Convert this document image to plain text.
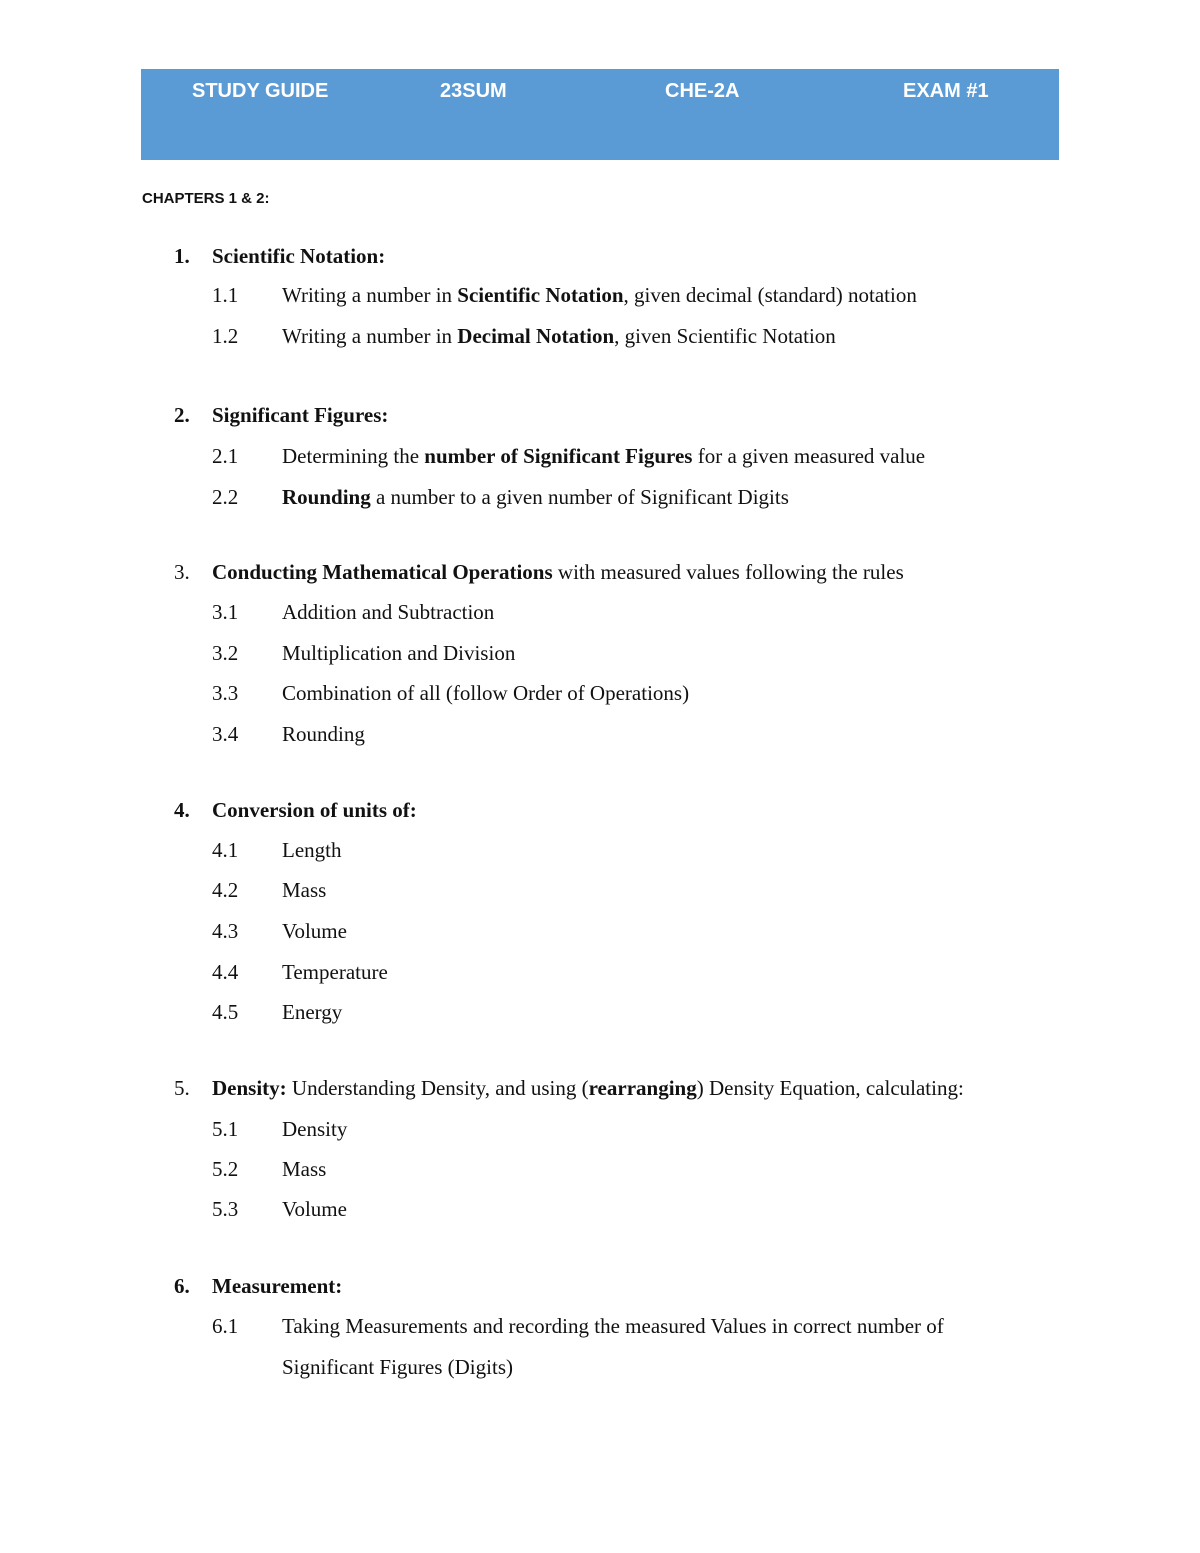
STUDY GUIDE	23SUM	CHE-2A	EXAM #1
CHAPTERS 1 & 2:
1. Scientific Notation:
1.1 Writing a number in Scientific Notation, given decimal (standard) notation
1.2 Writing a number in Decimal Notation, given Scientific Notation
2. Significant Figures:
2.1 Determining the number of Significant Figures for a given measured value
2.2 Rounding a number to a given number of Significant Digits
3. Conducting Mathematical Operations with measured values following the rules
3.1 Addition and Subtraction
3.2 Multiplication and Division
3.3 Combination of all (follow Order of Operations)
3.4 Rounding
4. Conversion of units of:
4.1 Length
4.2 Mass
4.3 Volume
4.4 Temperature
4.5 Energy
5. Density: Understanding Density, and using (rearranging) Density Equation, calculating:
5.1 Density
5.2 Mass
5.3 Volume
6. Measurement:
6.1 Taking Measurements and recording the measured Values in correct number of
Significant Figures (Digits)
